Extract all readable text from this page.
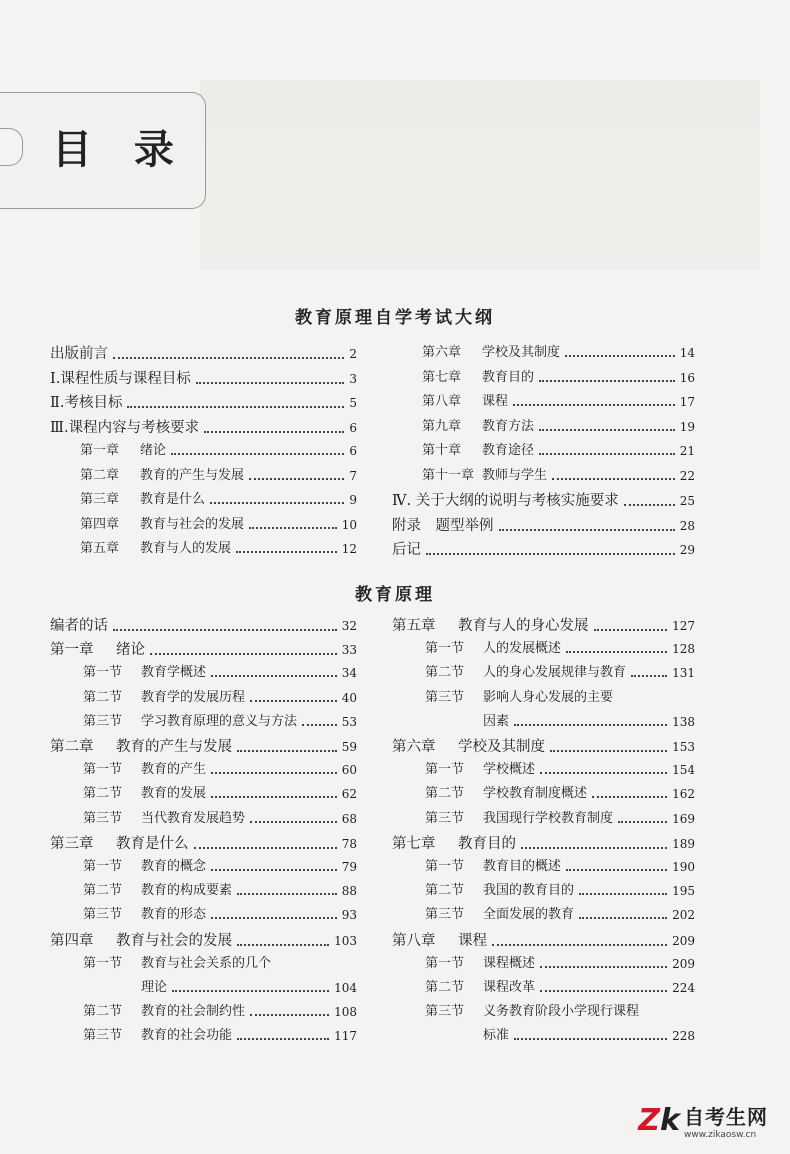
目 录
教育原理自学考试大纲
出版前言	2
Ⅰ.课程性质与课程目标	3
Ⅱ.考核目标	5
Ⅲ.课程内容与考核要求	6
第一章 绪论	6
第二章 教育的产生与发展	7
第三章 教育是什么	9
第四章 教育与社会的发展	10
第五章 教育与人的发展	12
第六章 学校及其制度	14
第七章 教育目的	16
第八章 课程	17
第九章 教育方法	19
第十章 教育途径	21
第十一章 教师与学生	22
Ⅳ. 关于大纲的说明与考核实施要求	25
附录　题型举例	28
后记	29
教育原理
编者的话	32
第一章 绪论	33
第一节 教育学概述	34
第二节 教育学的发展历程	40
第三节 学习教育原理的意义与方法	53
第二章 教育的产生与发展	59
第一节 教育的产生	60
第二节 教育的发展	62
第三节 当代教育发展趋势	68
第三章 教育是什么	78
第一节 教育的概念	79
第二节 教育的构成要素	88
第三节 教育的形态	93
第四章 教育与社会的发展	103
第一节 教育与社会关系的几个
理论	104
第二节 教育的社会制约性	108
第三节 教育的社会功能	117
第五章 教育与人的身心发展	127
第一节 人的发展概述	128
第二节 人的身心发展规律与教育	131
第三节 影响人身心发展的主要
因素	138
第六章 学校及其制度	153
第一节 学校概述	154
第二节 学校教育制度概述	162
第三节 我国现行学校教育制度	169
第七章 教育目的	189
第一节 教育目的概述	190
第二节 我国的教育目的	195
第三节 全面发展的教育	202
第八章 课程	209
第一节 课程概述	209
第二节 课程改革	224
第三节 义务教育阶段小学现行课程
标准	228
Zk 自考生网
www.zikaosw.cn
